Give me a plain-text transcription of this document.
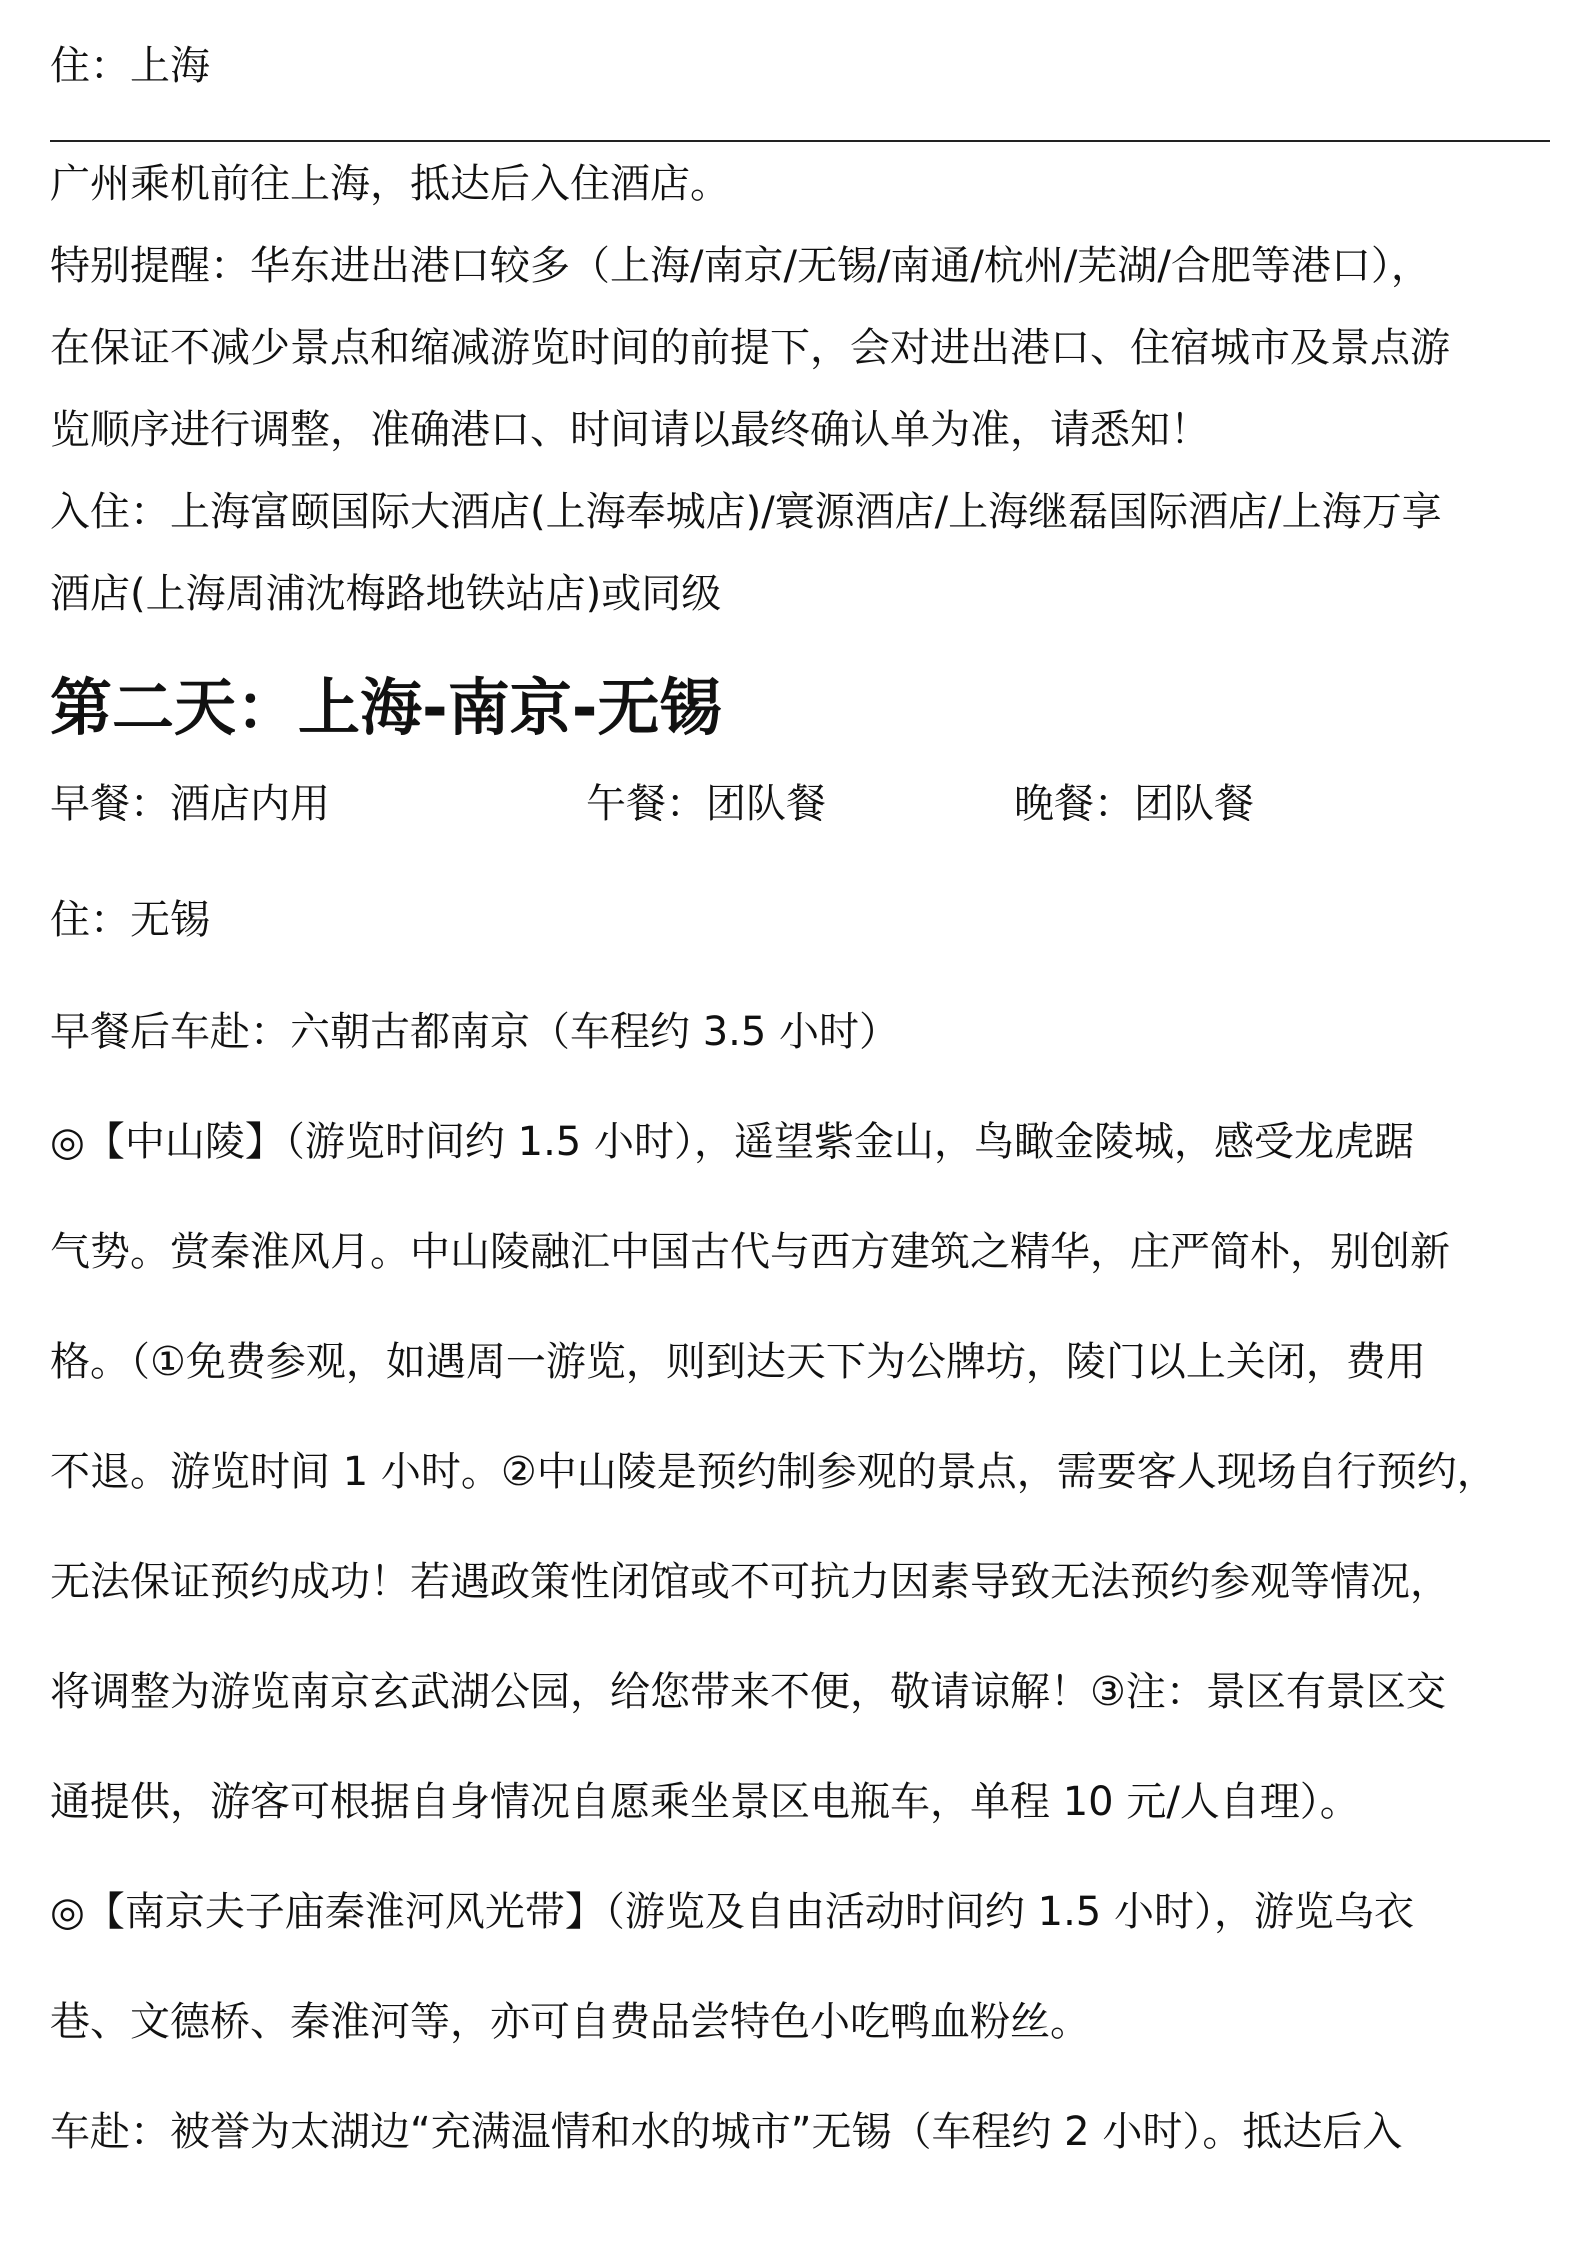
住：上海
广州乘机前往上海，抵达后入住酒店。
特别提醒：华东进出港口较多（上海/南京/无锡/南通/杭州/芜湖/合肥等港口），
在保证不减少景点和缩减游览时间的前提下，会对进出港口、住宿城市及景点游
览顺序进行调整，准确港口、时间请以最终确认单为准，请悉知！
入住：上海富颐国际大酒店(上海奉城店)/寰源酒店/上海继磊国际酒店/上海万享
酒店(上海周浦沈梅路地铁站店)或同级
第二天：上海-南京-无锡
早餐：酒店内用	午餐：团队餐	晚餐：团队餐
住：无锡
早餐后车赴：六朝古都南京（车程约 3.5 小时）
◎【中山陵】（游览时间约 1.5 小时），遥望紫金山，鸟瞰金陵城，感受龙虎踞
气势。赏秦淮风月。中山陵融汇中国古代与西方建筑之精华，庄严简朴，别创新
格。（①免费参观，如遇周一游览，则到达天下为公牌坊，陵门以上关闭，费用
不退。游览时间 1 小时。②中山陵是预约制参观的景点，需要客人现场自行预约，
无法保证预约成功！若遇政策性闭馆或不可抗力因素导致无法预约参观等情况，
将调整为游览南京玄武湖公园，给您带来不便，敬请谅解！③注：景区有景区交
通提供，游客可根据自身情况自愿乘坐景区电瓶车，单程 10 元/人自理）。
◎【南京夫子庙秦淮河风光带】（游览及自由活动时间约 1.5 小时），游览乌衣
巷、文德桥、秦淮河等，亦可自费品尝特色小吃鸭血粉丝。
车赴：被誉为太湖边“充满温情和水的城市”无锡（车程约 2 小时）。抵达后入
